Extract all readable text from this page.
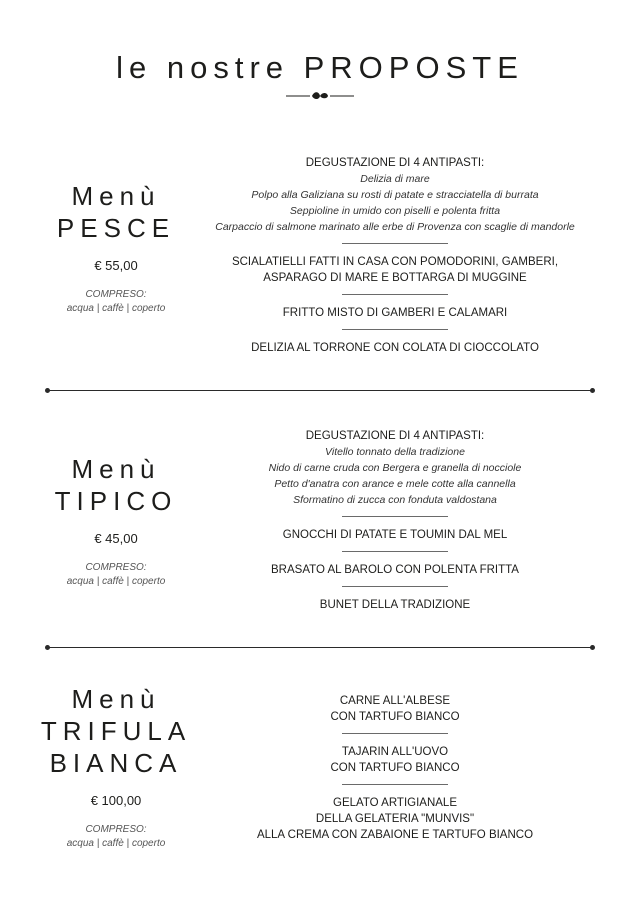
le nostre PROPOSTE
Menù
PESCE
€ 55,00
COMPRESO:
acqua | caffè | coperto
DEGUSTAZIONE DI 4 ANTIPASTI:
Delizia di mare
Polpo alla Galiziana su rosti di patate e stracciatella di burrata
Seppioline in umido con piselli e polenta fritta
Carpaccio di salmone marinato alle erbe di Provenza con scaglie di mandorle
SCIALATIELLI FATTI IN CASA CON POMODORINI, GAMBERI,
ASPARAGO DI MARE E BOTTARGA DI MUGGINE
FRITTO MISTO DI GAMBERI E CALAMARI
DELIZIA AL TORRONE CON COLATA DI CIOCCOLATO
Menù
TIPICO
€ 45,00
COMPRESO:
acqua | caffè | coperto
DEGUSTAZIONE DI 4 ANTIPASTI:
Vitello tonnato della tradizione
Nido di carne cruda con Bergera e granella di nocciole
Petto d'anatra con arance e mele cotte alla cannella
Sformatino di zucca con fonduta valdostana
GNOCCHI DI PATATE E TOUMIN DAL MEL
BRASATO AL BAROLO CON POLENTA FRITTA
BUNET DELLA TRADIZIONE
Menù
TRIFULA
BIANCA
€ 100,00
COMPRESO:
acqua | caffè | coperto
CARNE ALL'ALBESE
CON TARTUFO BIANCO
TAJARIN ALL'UOVO
CON TARTUFO BIANCO
GELATO ARTIGIANALE
DELLA GELATERIA "MUNVIS"
ALLA CREMA CON ZABAIONE E TARTUFO BIANCO
